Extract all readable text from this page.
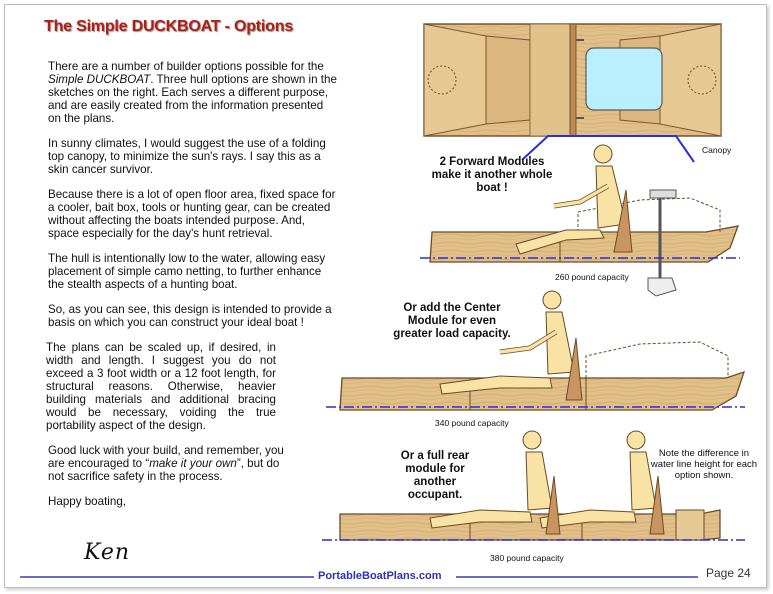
The Simple DUCKBOAT - Options

There are a number of builder options possible for the Simple DUCKBOAT. Three hull options are shown in the sketches on the right. Each serves a different purpose, and are easily created from the information presented on the plans.

In sunny climates, I would suggest the use of a folding top canopy, to minimize the sun's rays. I say this as a skin cancer survivor.

Because there is a lot of open floor area, fixed space for a cooler, bait box, tools or hunting gear, can be created without affecting the boats intended purpose. And, space especially for the day's hunt retrieval.

The hull is intentionally low to the water, allowing easy placement of simple camo netting, to further enhance the stealth aspects of a hunting boat.

So, as you can see, this design is intended to provide a basis on which you can construct your ideal boat !

The plans can be scaled up, if desired, in width and length. I suggest you do not exceed a 3 foot width or a 12 foot length, for structural reasons. Otherwise, heavier building materials and additional bracing would be necessary, voiding the true portability aspect of the design.

Good luck with your build, and remember, you are encouraged to “make it your own”, but do not sacrifice safety in the process.

Happy boating,

Ken
Canopy
2 Forward Modules make it another whole boat !
260 pound capacity
Or add the Center Module for even greater load capacity.
340 pound capacity
Or a full rear module for another occupant.
Note the difference in water line height for each option shown.
380 pound capacity
PortableBoatPlans.com	Page 24
